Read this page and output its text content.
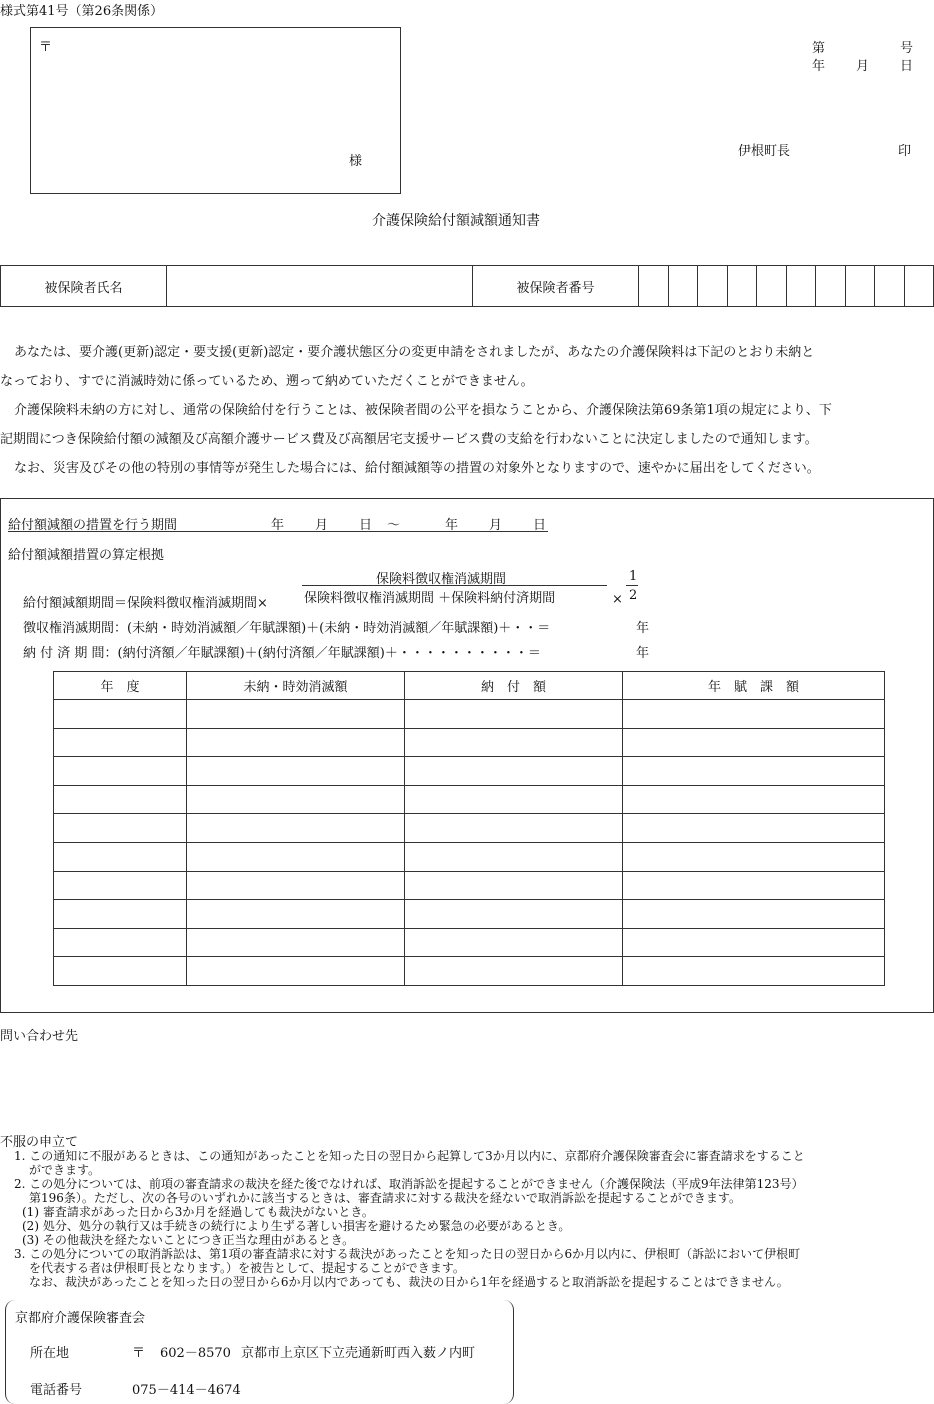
様式第41号（第26条関係）
〒
様
第	号
年 月 日
伊根町長	印
介護保険給付額減額通知書
被保険者氏名		被保険者番号										

あなたは、要介護(更新)認定・要支援(更新)認定・要介護状態区分の変更申請をされましたが、あなたの介護保険料は下記のとおり未納と

なっており、すでに消滅時効に係っているため、遡って納めていただくことができません。

介護保険料未納の方に対し、通常の保険給付を行うことは、被保険者間の公平を損なうことから、介護保険法第69条第1項の規定により、下

記期間につき保険給付額の減額及び高額介護サービス費及び高額居宅支援サービス費の支給を行わないことに決定しましたので通知します。

なお、災害及びその他の特別の事情等が発生した場合には、給付額減額等の措置の対象外となりますので、速やかに届出をしてください。

給付額減額の措置を行う期間	年 月 日 ～	年 月 日
給付額減額措置の算定根拠
保険料徴収権消滅期間
給付額減額期間＝保険料徴収権消滅期間×	保険料徴収権消滅期間 ＋保険料納付済期間	×
1
2
徴収権消滅期間：(未納・時効消滅額／年賦課額)＋(未納・時効消滅額／年賦課額)＋・・＝	年
納 付 済 期 間：(納付済額／年賦課額)＋(納付済額／年賦課額)＋・・・・・・・・・・＝	年
年　度	未納・時効消滅額	納　付　額	年　賦　課　額

問い合わせ先
不服の申立て
1. この通知に不服があるときは、この通知があったことを知った日の翌日から起算して3か月以内に、京都府介護保険審査会に審査請求をすること
ができます。
2. この処分については、前項の審査請求の裁決を経た後でなければ、取消訴訟を提起することができません（介護保険法（平成9年法律第123号）
第196条）。ただし、次の各号のいずれかに該当するときは、審査請求に対する裁決を経ないで取消訴訟を提起することができます。
(1) 審査請求があった日から3か月を経過しても裁決がないとき。
(2) 処分、処分の執行又は手続きの続行により生ずる著しい損害を避けるため緊急の必要があるとき。
(3) その他裁決を経たないことにつき正当な理由があるとき。
3. この処分についての取消訴訟は、第1項の審査請求に対する裁決があったことを知った日の翌日から6か月以内に、伊根町（訴訟において伊根町
を代表する者は伊根町長となります。）を被告として、提起することができます。
なお、裁決があったことを知った日の翌日から6か月以内であっても、裁決の日から1年を経過すると取消訴訟を提起することはできません。
京都府介護保険審査会
所在地	〒 602－8570 京都市上京区下立売通新町西入薮ノ内町
電話番号	075－414－4674
